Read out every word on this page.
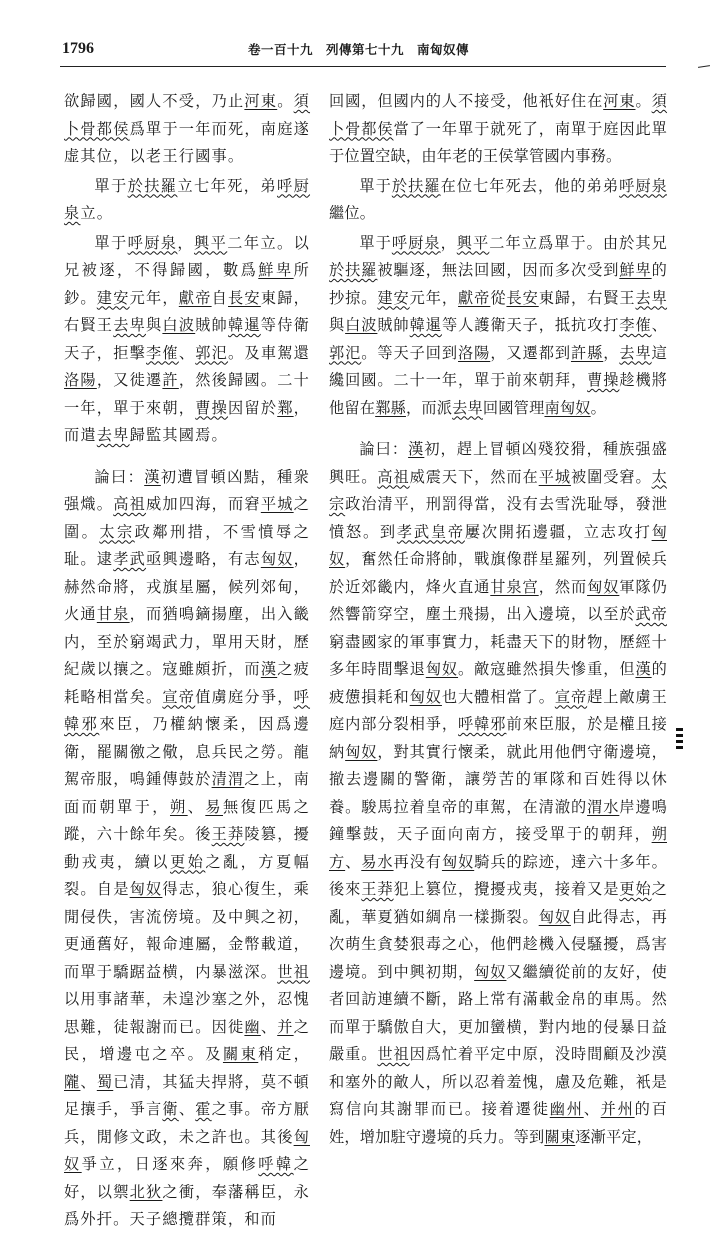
1796	卷一百十九　列傳第七十九　南匈奴傳

欲歸國，國人不受，乃止河東。須卜骨都侯爲單于一年而死，南庭遂虚其位，以老王行國事。

單于於扶羅立七年死，弟呼厨泉立。

單于呼厨泉，興平二年立。以兄被逐，不得歸國，數爲鮮卑所鈔。建安元年，獻帝自長安東歸，右賢王去卑與白波賊帥韓暹等侍衛天子，拒擊李傕、郭汜。及車駕還洛陽，又徙遷許，然後歸國。二十一年，單于來朝，曹操因留於鄴，而遣去卑歸監其國焉。

論曰：漢初遭冒頓凶黠，種衆强熾。高祖威加四海，而窘平城之圍。太宗政鄰刑措，不雪憤辱之耻。逮孝武亟興邊略，有志匈奴，赫然命將，戎旗星屬，候列郊甸，火通甘泉，而猶鳴鏑揚塵，出入畿内，至於窮竭武力，單用天財，歷紀歲以攘之。寇雖頗折，而漢之疲耗略相當矣。宣帝值虜庭分爭，呼韓邪來臣，乃權納懷柔，因爲邊衛，罷關徼之儆，息兵民之勞。龍駕帝服，鳴鍾傳鼓於清渭之上，南面而朝單于，朔、易無復匹馬之蹤，六十餘年矣。後王莽陵篡，擾動戎夷，續以更始之亂，方夏幅裂。自是匈奴得志，狼心復生，乘閒侵佚，害流傍境。及中興之初，更通舊好，報命連屬，金幣載道，而單于驕踞益横，内暴滋深。世祖以用事諸華，未遑沙塞之外，忍愧思難，徒報謝而已。因徙幽、并之民，增邊屯之卒。及關東稍定，隴、蜀已清，其猛夫捍將，莫不頓足攘手，爭言衛、霍之事。帝方厭兵，閒修文政，未之許也。其後匈奴爭立，日逐來奔，願修呼韓之好，以禦北狄之衝，奉藩稱臣，永爲外扞。天子總攬群策，和而

回國，但國内的人不接受，他衹好住在河東。須卜骨都侯當了一年單于就死了，南單于庭因此單于位置空缺，由年老的王侯掌管國内事務。

單于於扶羅在位七年死去，他的弟弟呼厨泉繼位。

單于呼厨泉，興平二年立爲單于。由於其兄於扶羅被驅逐，無法回國，因而多次受到鮮卑的抄掠。建安元年，獻帝從長安東歸，右賢王去卑與白波賊帥韓暹等人護衛天子，抵抗攻打李傕、郭汜。等天子回到洛陽，又遷都到許縣，去卑這纔回國。二十一年，單于前來朝拜，曹操趁機將他留在鄴縣，而派去卑回國管理南匈奴。

論曰：漢初，趕上冒頓凶殘狡猾，種族强盛興旺。高祖威震天下，然而在平城被圍受窘。太宗政治清平，刑罰得當，没有去雪洗耻辱，發泄憤怒。到孝武皇帝屢次開拓邊疆，立志攻打匈奴，奮然任命將帥，戰旗像群星羅列，列置候兵於近郊畿内，烽火直通甘泉宫，然而匈奴軍隊仍然響箭穿空，塵土飛揚，出入邊境，以至於武帝窮盡國家的軍事實力，耗盡天下的財物，歷經十多年時間擊退匈奴。敵寇雖然損失慘重，但漢的疲憊損耗和匈奴也大體相當了。宣帝趕上敵虜王庭内部分裂相爭，呼韓邪前來臣服，於是權且接納匈奴，對其實行懷柔，就此用他們守衛邊境，撤去邊關的警衛，讓勞苦的軍隊和百姓得以休養。駿馬拉着皇帝的車駕，在清澈的渭水岸邊鳴鐘擊鼓，天子面向南方，接受單于的朝拜，朔方、易水再没有匈奴騎兵的踪迹，達六十多年。後來王莽犯上篡位，攪擾戎夷，接着又是更始之亂，華夏猶如綢帛一樣撕裂。匈奴自此得志，再次萌生貪婪狠毒之心，他們趁機入侵騷擾，爲害邊境。到中興初期，匈奴又繼續從前的友好，使者回訪連續不斷，路上常有滿載金帛的車馬。然而單于驕傲自大，更加蠻横，對内地的侵暴日益嚴重。世祖因爲忙着平定中原，没時間顧及沙漠和塞外的敵人，所以忍着羞愧，慮及危難，衹是寫信向其謝罪而已。接着遷徙幽州、并州的百姓，增加駐守邊境的兵力。等到關東逐漸平定，
